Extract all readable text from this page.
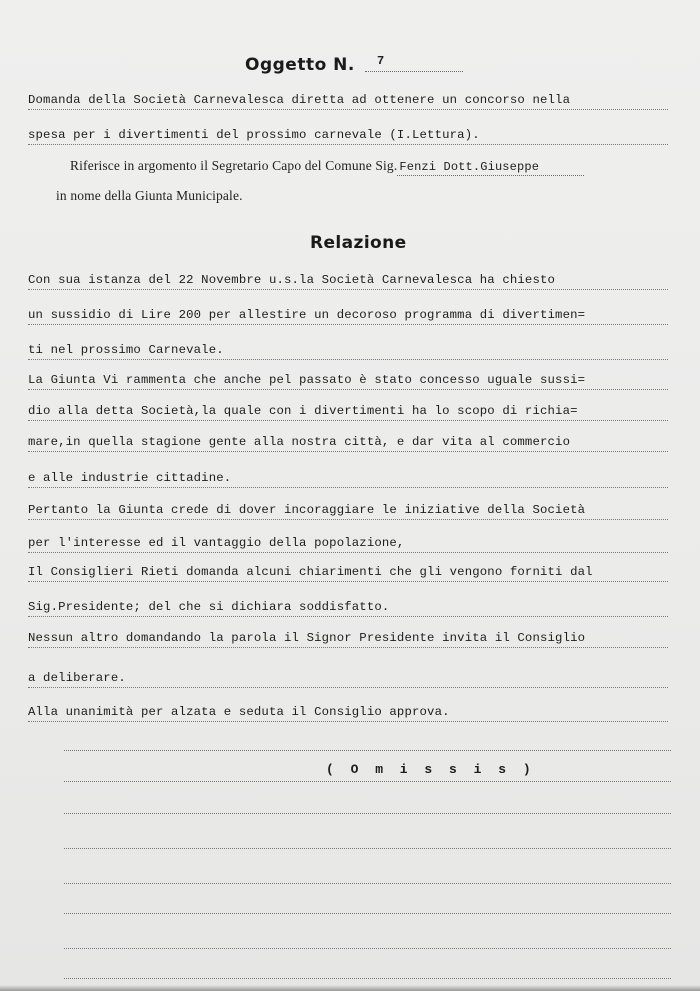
Oggetto N.	7
Domanda della Società Carnevalesca diretta ad ottenere un concorso nella
spesa per i divertimenti del prossimo carnevale (I.Lettura).
Riferisce in argomento il Segretario Capo del Comune Sig. Fenzi Dott.Giuseppe
in nome della Giunta Municipale.
Relazione
Con sua istanza del 22 Novembre u.s.la Società Carnevalesca ha chiesto
un sussidio di Lire 200 per allestire un decoroso programma di divertimen=
ti nel prossimo Carnevale.
La Giunta Vi rammenta che anche pel passato è stato concesso uguale sussi=
dio alla detta Società,la quale con i divertimenti ha lo scopo di richia=
mare,in quella stagione gente alla nostra città, e dar vita al commercio
e alle industrie cittadine.
Pertanto la Giunta crede di dover incoraggiare le iniziative della Società
per l'interesse ed il vantaggio della popolazione,
Il Consiglieri Rieti domanda alcuni chiarimenti che gli vengono forniti dal
Sig.Presidente; del che si dichiara soddisfatto.
Nessun altro domandando la parola il Signor Presidente invita il Consiglio
a deliberare.
Alla unanimità per alzata e seduta il Consiglio approva.
( O m i s s i s )
